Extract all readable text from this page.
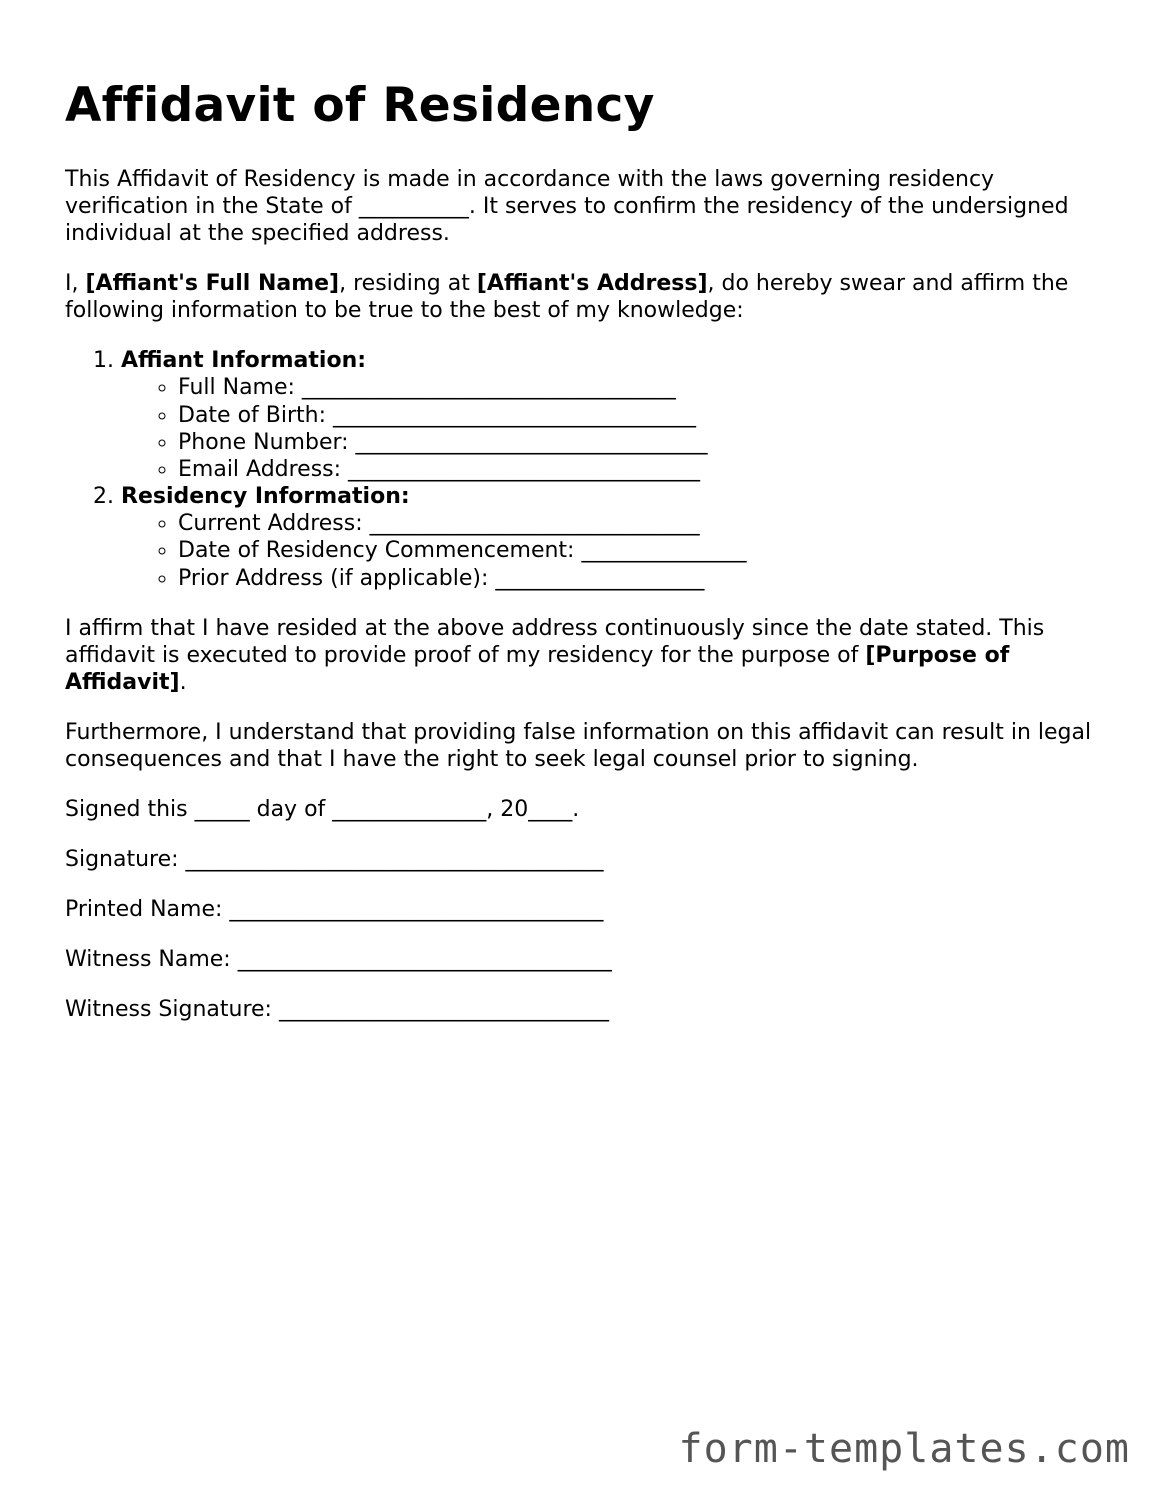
Affidavit of Residency

This Affidavit of Residency is made in accordance with the laws governing residency verification in the State of __________. It serves to confirm the residency of the undersigned individual at the specified address.

I, [Affiant's Full Name], residing at [Affiant's Address], do hereby swear and affirm the following information to be true to the best of my knowledge:

1. Affiant Information:
◦ Full Name: __________________________________
◦ Date of Birth: _________________________________
◦ Phone Number: ________________________________
◦ Email Address: ________________________________
2. Residency Information:
◦ Current Address: ______________________________
◦ Date of Residency Commencement: _______________
◦ Prior Address (if applicable): ___________________

I affirm that I have resided at the above address continuously since the date stated. This affidavit is executed to provide proof of my residency for the purpose of [Purpose of Affidavit].

Furthermore, I understand that providing false information on this affidavit can result in legal consequences and that I have the right to seek legal counsel prior to signing.

Signed this _____ day of ______________, 20____.

Signature: ______________________________________

Printed Name: __________________________________

Witness Name: __________________________________

Witness Signature: ______________________________

form-templates.com
